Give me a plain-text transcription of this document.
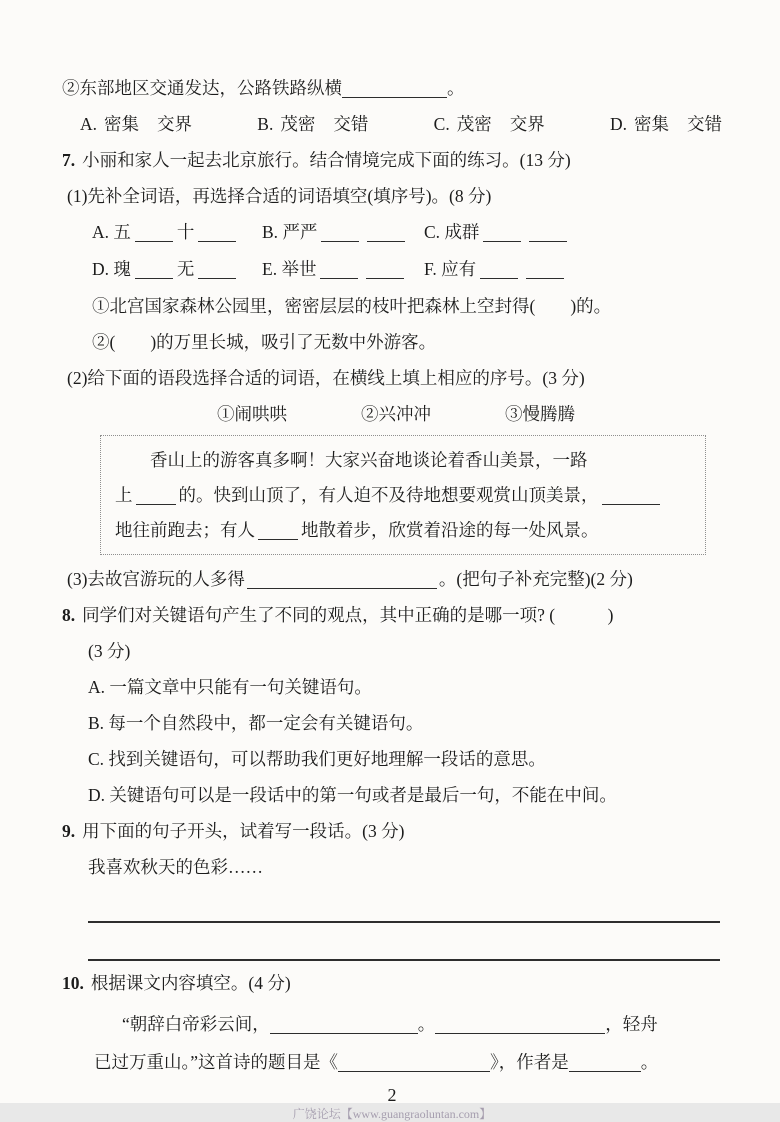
②东部地区交通发达，公路铁路纵横	。
A. 密集 交界	B. 茂密 交错	C. 茂密 交界	D. 密集 交错
7. 小丽和家人一起去北京旅行。结合情境完成下面的练习。(13 分)
(1)先补全词语，再选择合适的词语填空(填序号)。(8 分)
A. 五	十	B. 严严	C. 成群
D. 瑰	无	E. 举世	F. 应有
①北宫国家森林公园里，密密层层的枝叶把森林上空封得(　　)的。
②(　　)的万里长城，吸引了无数中外游客。
(2)给下面的语段选择合适的词语，在横线上填上相应的序号。(3 分)
①闹哄哄	②兴冲冲	③慢腾腾
香山上的游客真多啊！大家兴奋地谈论着香山美景，一路
上	的。快到山顶了，有人迫不及待地想要观赏山顶美景，
地往前跑去；有人	地散着步，欣赏着沿途的每一处风景。
(3)去故宫游玩的人多得 •	。(把句子补充完整)(2 分)
8. 同学们对关键语句产生了不同的观点，其中正确的是哪一项? (　　　)
(3 分)
A. 一篇文章中只能有一句关键语句。
B. 每一个自然段中，都一定会有关键语句。
C. 找到关键语句，可以帮助我们更好地理解一段话的意思。
D. 关键语句可以是一段话中的第一句或者是最后一句，不能在中间。
9. 用下面的句子开头，试着写一段话。(3 分)
我喜欢秋天的色彩……
10. 根据课文内容填空。(4 分)
“朝辞白帝彩云间，	。	，轻舟
已过万重山。”这首诗的题目是《	》，作者是	。
2
广饶论坛【www.guangraoluntan.com】
